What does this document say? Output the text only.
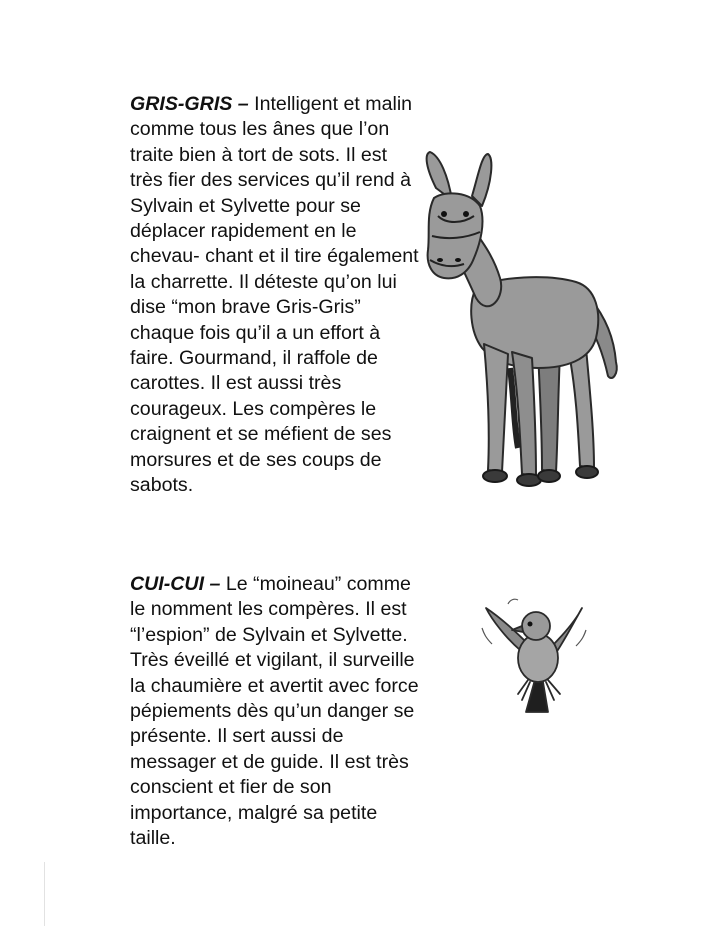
GRIS-GRIS – Intelligent et malin comme tous les ânes que l’on traite bien à tort de sots. Il est très fier des services qu’il rend à Sylvain et Sylvette pour se déplacer rapidement en le chevau- chant et il tire également la charrette. Il déteste qu’on lui dise “mon brave Gris-Gris” chaque fois qu’il a un effort à faire. Gourmand, il raffole de carottes. Il est aussi très courageux. Les compères le craignent et se méfient de ses morsures et de ses coups de sabots.

CUI-CUI – Le “moineau” comme le nomment les compères. Il est “l’espion” de Sylvain et Sylvette. Très éveillé et vigilant, il surveille la chaumière et avertit avec force pépiements dès qu’un danger se présente. Il sert aussi de messager et de guide. Il est très conscient et fier de son importance, malgré sa petite taille.
